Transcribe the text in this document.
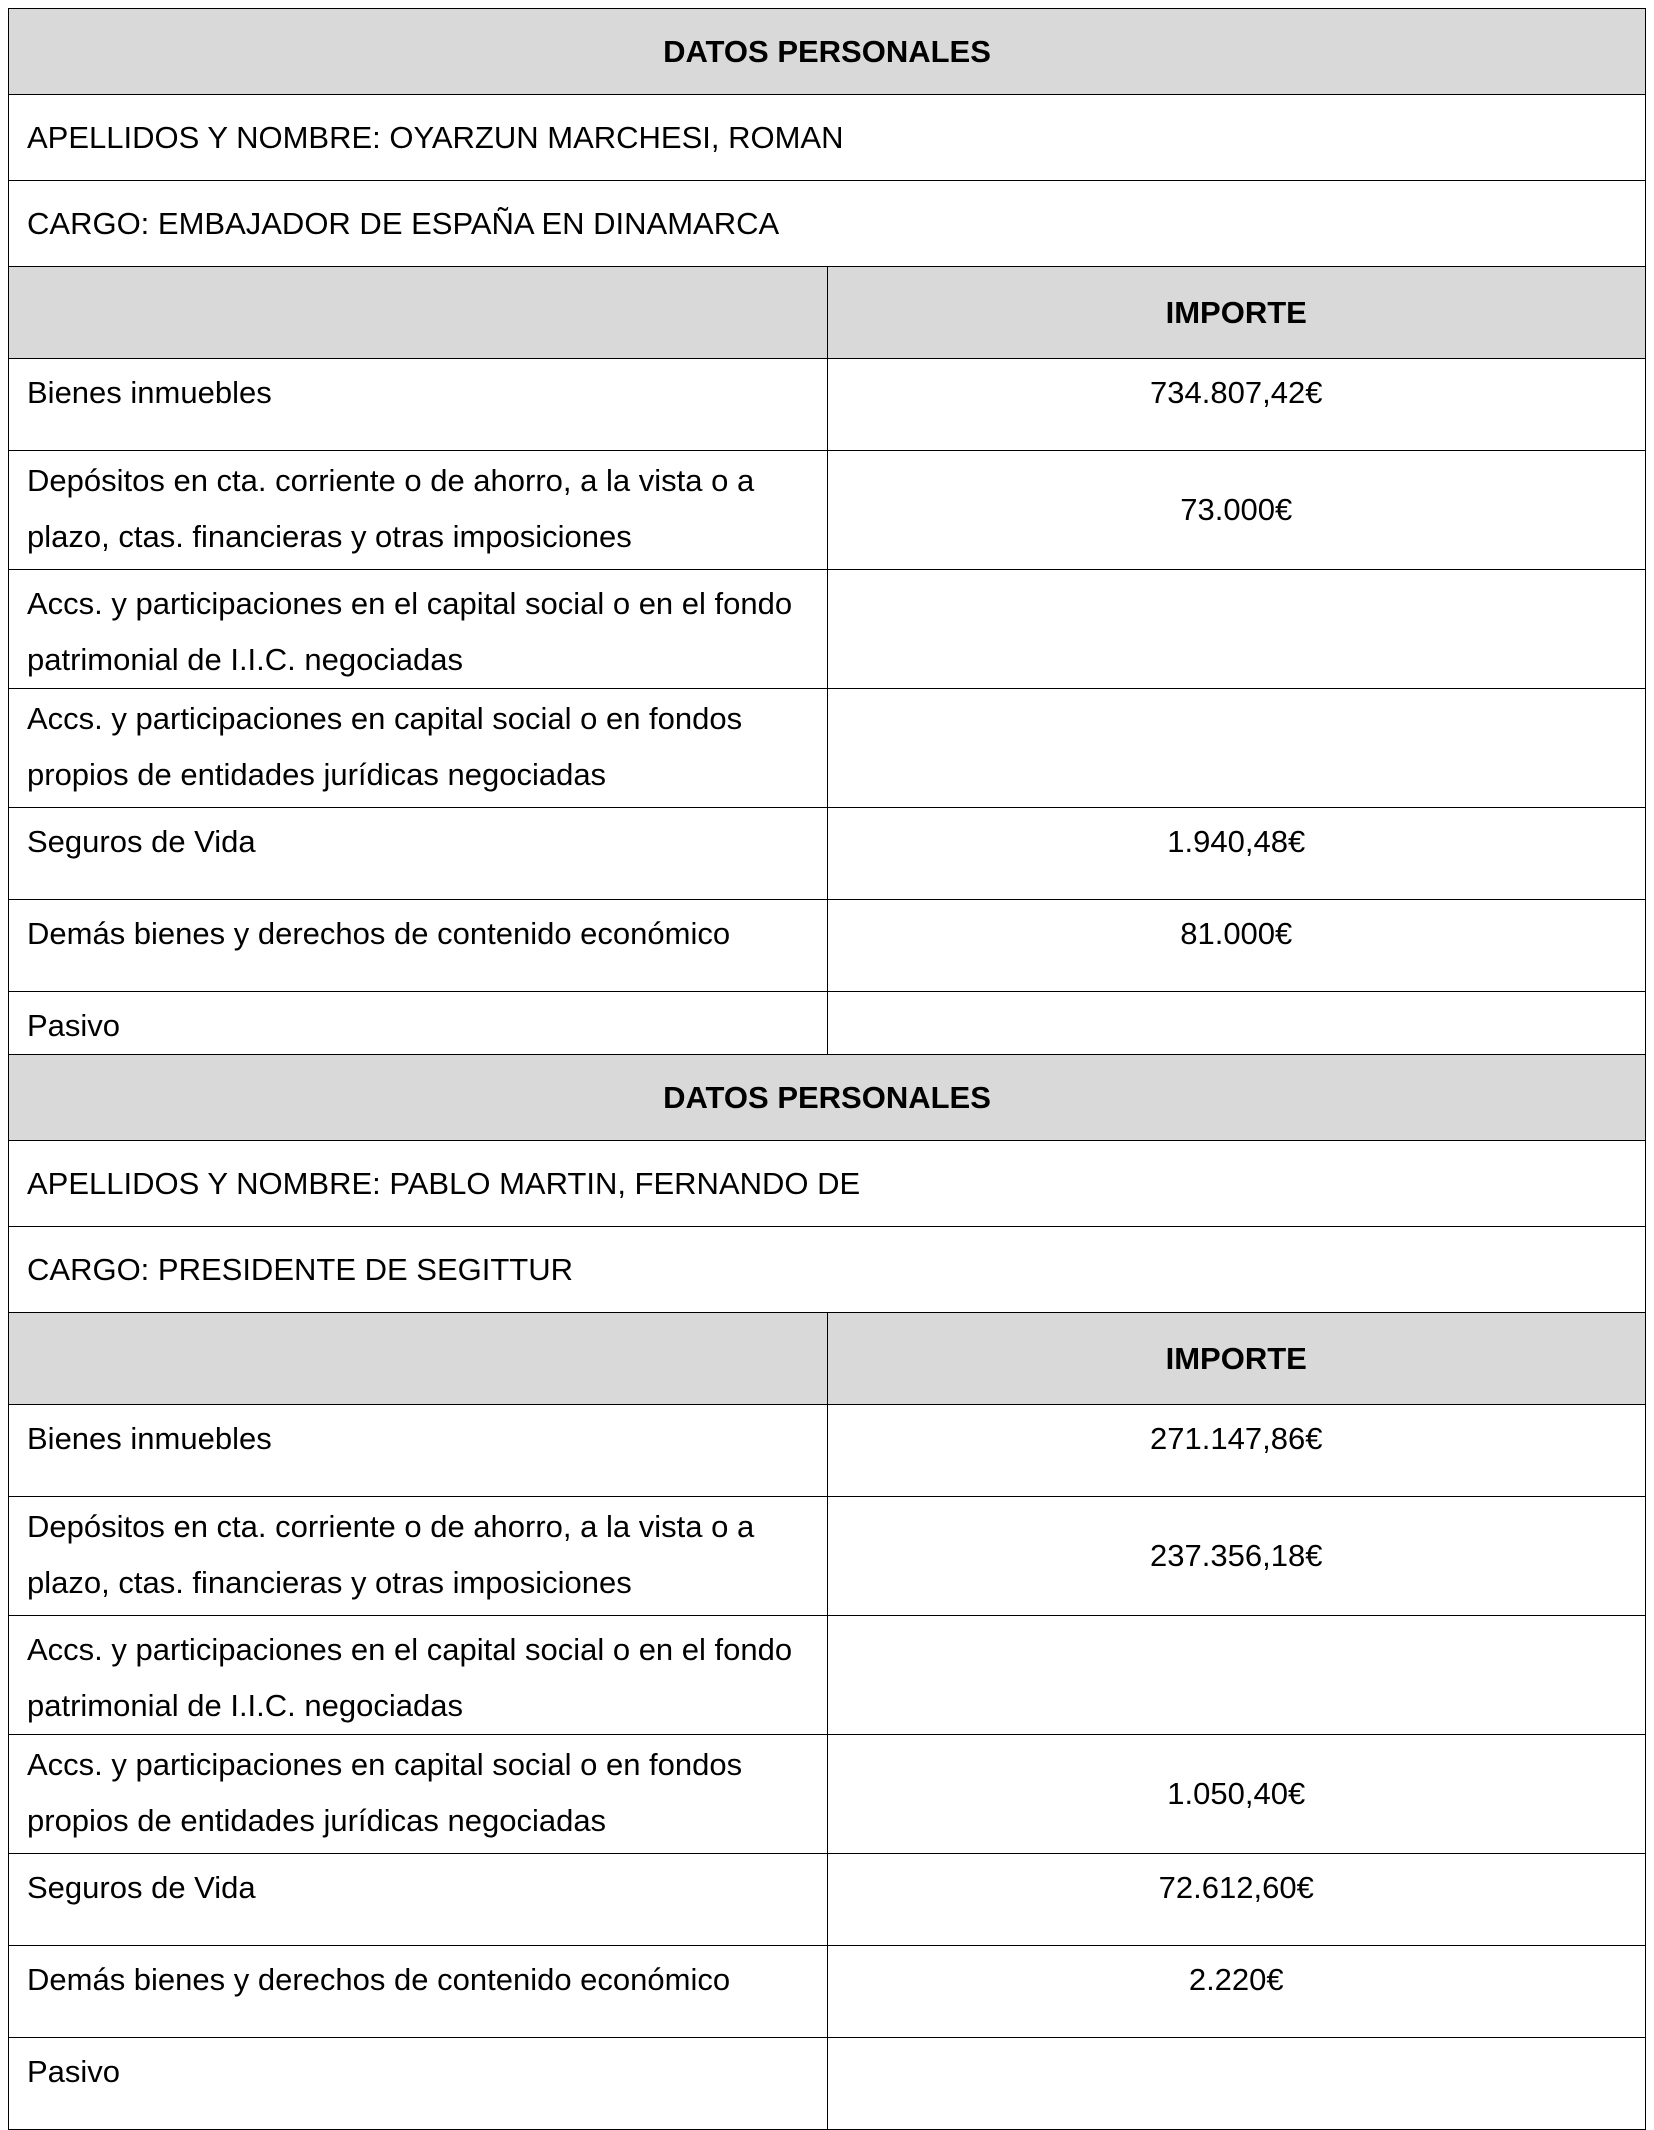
DATOS PERSONALES	
APELLIDOS Y NOMBRE: OYARZUN MARCHESI, ROMAN	
CARGO: EMBAJADOR DE ESPAÑA EN DINAMARCA	
	IMPORTE
Bienes inmuebles	734.807,42€
Depósitos en cta. corriente o de ahorro, a la vista o a plazo, ctas. financieras y otras imposiciones	73.000€
Accs. y participaciones en el capital social o en el fondo patrimonial de I.I.C. negociadas	
Accs. y participaciones en capital social o en fondos propios de entidades jurídicas negociadas	
Seguros de Vida	1.940,48€
Demás bienes y derechos de contenido económico	81.000€
Pasivo	
DATOS PERSONALES	
APELLIDOS Y NOMBRE: PABLO MARTIN, FERNANDO DE	
CARGO: PRESIDENTE DE SEGITTUR	
	IMPORTE
Bienes inmuebles	271.147,86€
Depósitos en cta. corriente o de ahorro, a la vista o a plazo, ctas. financieras y otras imposiciones	237.356,18€
Accs. y participaciones en el capital social o en el fondo patrimonial de I.I.C. negociadas	
Accs. y participaciones en capital social o en fondos propios de entidades jurídicas negociadas	1.050,40€
Seguros de Vida	72.612,60€
Demás bienes y derechos de contenido económico	2.220€
Pasivo	
